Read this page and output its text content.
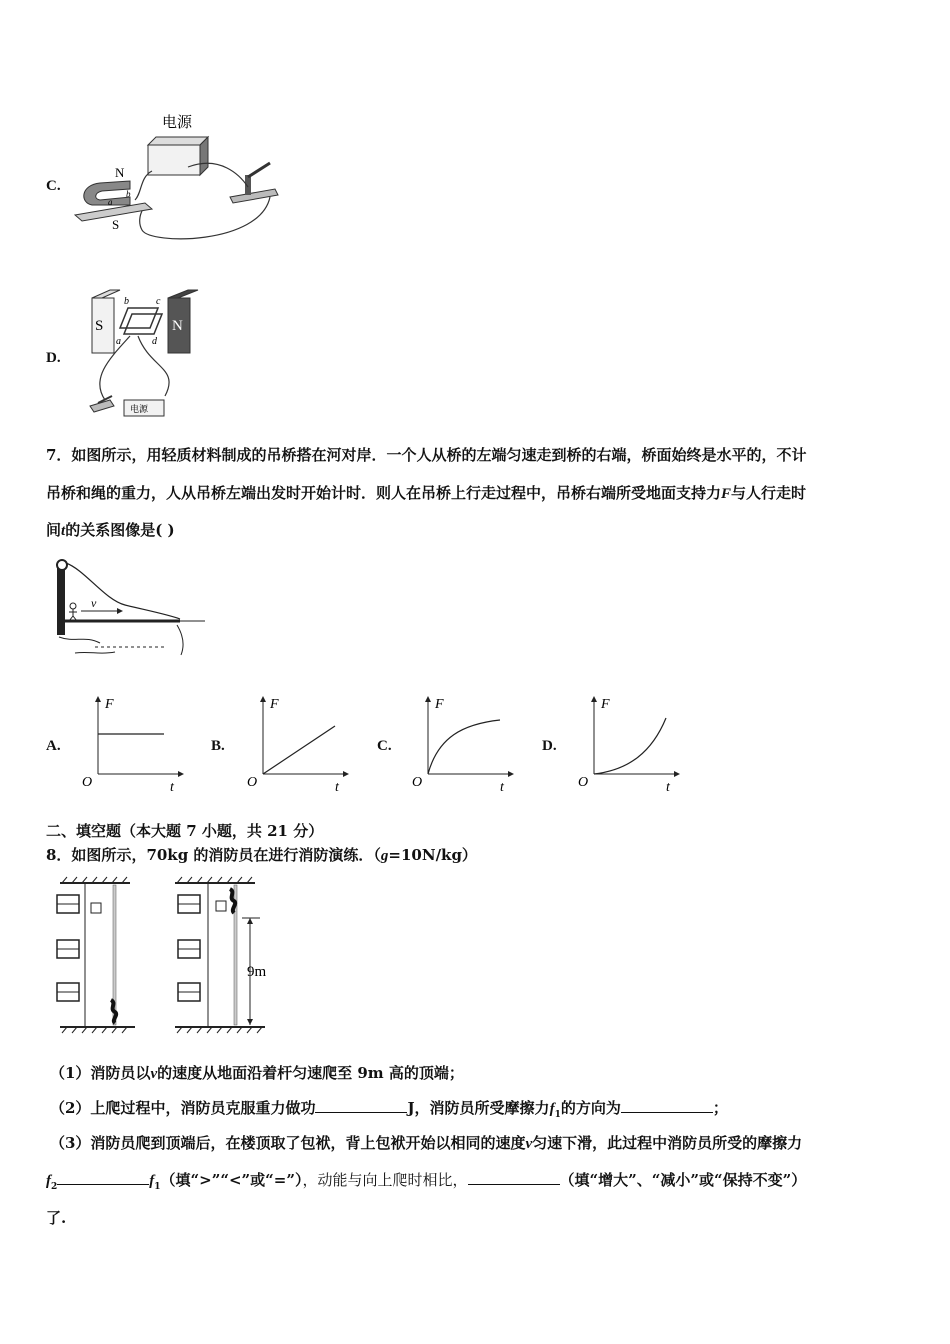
C.
电源
N
S
b
a
D.
S	N
b	c
a	d
电源
7．如图所示，用轻质材料制成的吊桥搭在河对岸．一个人从桥的左端匀速走到桥的右端，桥面始终是水平的，不计
吊桥和绳的重力，人从吊桥左端出发时开始计时．则人在吊桥上行走过程中，吊桥右端所受地面支持力F与人行走时
间t的关系图像是( )
v
A.	B.	C.	D.
F
t
O
F
t
O
F
t
O
F
t
O
二、填空题（本大题 7 小题，共 21 分）
8．如图所示，70kg 的消防员在进行消防演练．（g=10N/kg）
9m
（1）消防员以v的速度从地面沿着杆匀速爬至 9m 高的顶端；
（2）上爬过程中，消防员克服重力做功	J，消防员所受摩擦力$f_1$的方向为	；
（3）消防员爬到顶端后，在楼顶取了包袱，背上包袱开始以相同的速度v匀速下滑，此过程中消防员所受的摩擦力
$f_2$	$f_1$（填“>”“<”或“=”），动能与向上爬时相比，	（填“增大”、“减小”或“保持不变”）
了.
